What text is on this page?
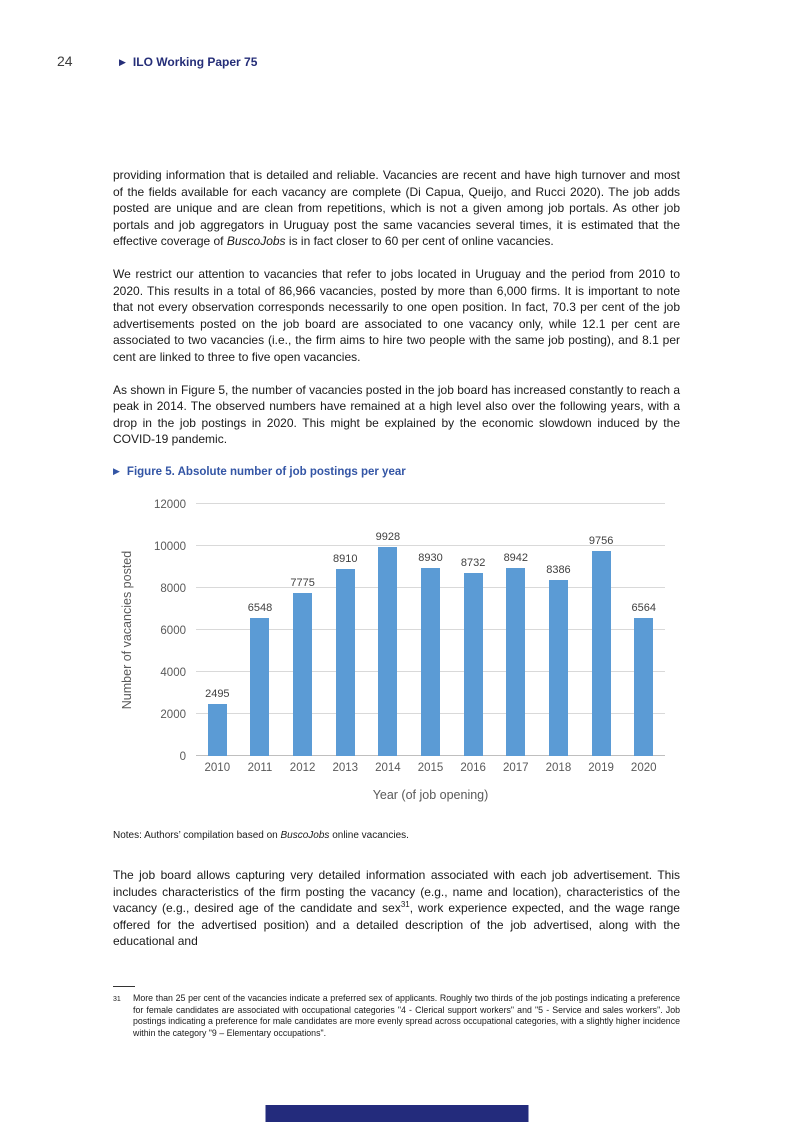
24	▶ ILO Working Paper 75

providing information that is detailed and reliable. Vacancies are recent and have high turnover and most of the fields available for each vacancy are complete (Di Capua, Queijo, and Rucci 2020). The job adds posted are unique and are clean from repetitions, which is not a given among job portals. As other job portals and job aggregators in Uruguay post the same vacancies several times, it is estimated that the effective coverage of BuscoJobs is in fact closer to 60 per cent of online vacancies.

We restrict our attention to vacancies that refer to jobs located in Uruguay and the period from 2010 to 2020. This results in a total of 86,966 vacancies, posted by more than 6,000 firms. It is important to note that not every observation corresponds necessarily to one open position. In fact, 70.3 per cent of the job advertisements posted on the job board are associated to one vacancy only, while 12.1 per cent are associated to two vacancies (i.e., the firm aims to hire two people with the same job posting), and 8.1 per cent are linked to three to five open vacancies.

As shown in Figure 5, the number of vacancies posted in the job board has increased constantly to reach a peak in 2014. The observed numbers have remained at a high level also over the following years, with a drop in the job postings in 2020. This might be explained by the economic slowdown induced by the COVID-19 pandemic.

▶ Figure 5. Absolute number of job postings per year
Number of vacancies posted
0
2000
4000
6000
8000
10000
12000
2495
6548
7775
8910
9928
8930 8732 8942
8386
9756
6564
2010	2011	2012	2013	2014	2015	2016	2017	2018	2019	2020
Year (of job opening)

Notes: Authors’ compilation based on BuscoJobs online vacancies.

The job board allows capturing very detailed information associated with each job advertisement. This includes characteristics of the firm posting the vacancy (e.g., name and location), characteristics of the vacancy (e.g., desired age of the candidate and sex$^{31}$, work experience expected, and the wage range offered for the advertised position) and a detailed description of the job advertised, along with the educational and

31	More than 25 per cent of the vacancies indicate a preferred sex of applicants. Roughly two thirds of the job postings indicating a preference for female candidates are associated with occupational categories "4 - Clerical support workers" and "5 - Service and sales workers". Job postings indicating a preference for male candidates are more evenly spread across occupational categories, with a slightly higher incidence within the category "9 – Elementary occupations".
